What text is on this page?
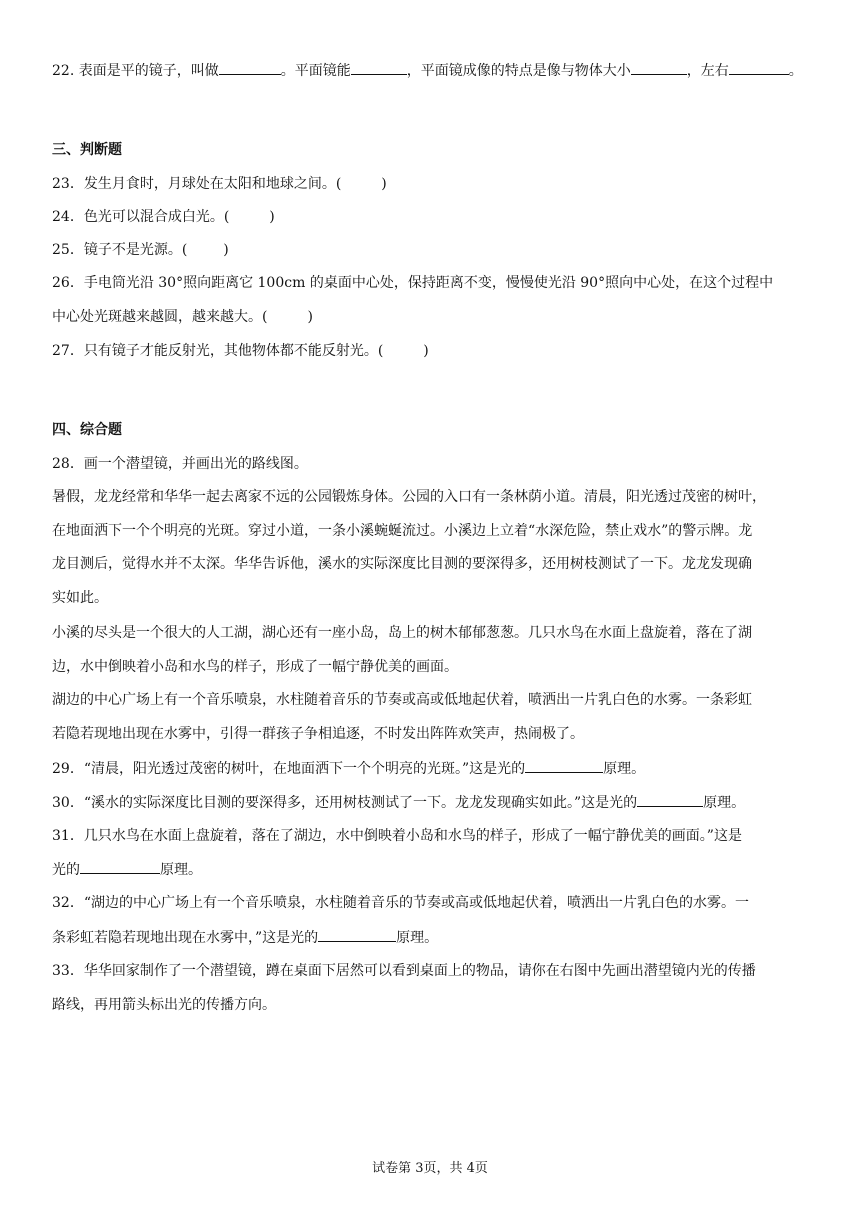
22. 表面是平的镜子，叫做	。平面镜能	，平面镜成像的特点是像与物体大小	，左右	。
三、判断题
23．发生月食时，月球处在太阳和地球之间。(	)
24．色光可以混合成白光。(	)
25．镜子不是光源。(	)
26．手电筒光沿 30°照向距离它 100cm 的桌面中心处，保持距离不变，慢慢使光沿 90°照向中心处，在这个过程中
中心处光斑越来越圆，越来越大。(	)
27．只有镜子才能反射光，其他物体都不能反射光。(	)
四、综合题
28．画一个潜望镜，并画出光的路线图。
暑假，龙龙经常和华华一起去离家不远的公园锻炼身体。公园的入口有一条林荫小道。清晨，阳光透过茂密的树叶，
在地面洒下一个个明亮的光斑。穿过小道，一条小溪蜿蜒流过。小溪边上立着“水深危险，禁止戏水”的警示牌。龙
龙目测后，觉得水并不太深。华华告诉他，溪水的实际深度比目测的要深得多，还用树枝测试了一下。龙龙发现确
实如此。
小溪的尽头是一个很大的人工湖，湖心还有一座小岛，岛上的树木郁郁葱葱。几只水鸟在水面上盘旋着，落在了湖
边，水中倒映着小岛和水鸟的样子，形成了一幅宁静优美的画面。
湖边的中心广场上有一个音乐喷泉，水柱随着音乐的节奏或高或低地起伏着，喷洒出一片乳白色的水雾。一条彩虹
若隐若现地出现在水雾中，引得一群孩子争相追逐，不时发出阵阵欢笑声，热闹极了。
29．“清晨，阳光透过茂密的树叶，在地面洒下一个个明亮的光斑。”这是光的	原理。
30．“溪水的实际深度比目测的要深得多，还用树枝测试了一下。龙龙发现确实如此。”这是光的	原理。
31．几只水鸟在水面上盘旋着，落在了湖边，水中倒映着小岛和水鸟的样子，形成了一幅宁静优美的画面。”这是
光的	原理。
32．“湖边的中心广场上有一个音乐喷泉，水柱随着音乐的节奏或高或低地起伏着，喷洒出一片乳白色的水雾。一
条彩虹若隐若现地出现在水雾中，”这是光的	原理。
33．华华回家制作了一个潜望镜，蹲在桌面下居然可以看到桌面上的物品，请你在右图中先画出潜望镜内光的传播
路线，再用箭头标出光的传播方向。
试卷第 3页，共 4页
